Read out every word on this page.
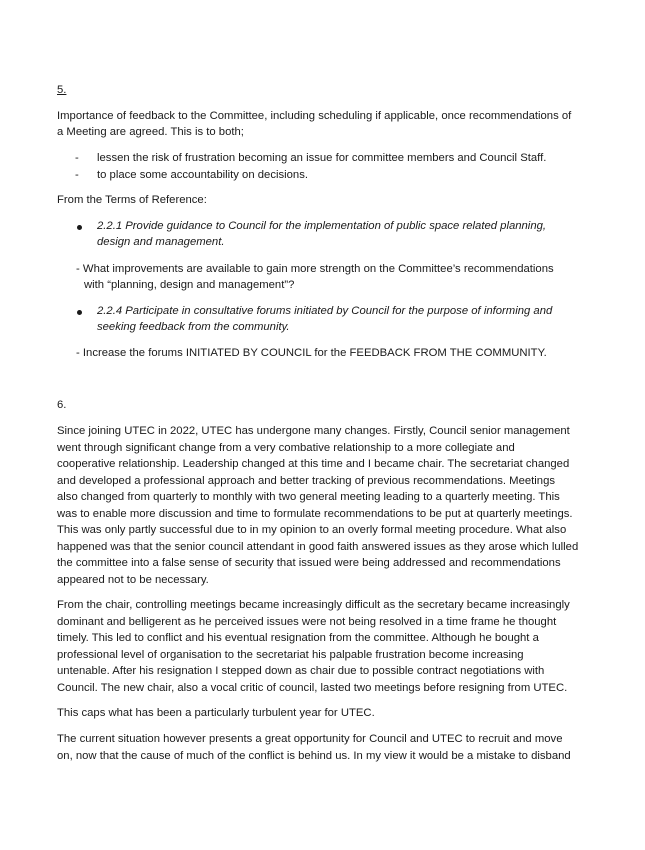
5.
Importance of feedback to the Committee, including scheduling if applicable, once recommendations of
a Meeting are agreed. This is to both;
- lessen the risk of frustration becoming an issue for committee members and Council Staff.
- to place some accountability on decisions.
From the Terms of Reference:
2.2.1 Provide guidance to Council for the implementation of public space related planning,
design and management.
- What improvements are available to gain more strength on the Committee’s recommendations
with “planning, design and management”?
2.2.4 Participate in consultative forums initiated by Council for the purpose of informing and
seeking feedback from the community.
- Increase the forums INITIATED BY COUNCIL for the FEEDBACK FROM THE COMMUNITY.
6.
Since joining UTEC in 2022, UTEC has undergone many changes. Firstly, Council senior management
went through significant change from a very combative relationship to a more collegiate and
cooperative relationship. Leadership changed at this time and I became chair. The secretariat changed
and developed a professional approach and better tracking of previous recommendations. Meetings
also changed from quarterly to monthly with two general meeting leading to a quarterly meeting. This
was to enable more discussion and time to formulate recommendations to be put at quarterly meetings.
This was only partly successful due to in my opinion to an overly formal meeting procedure. What also
happened was that the senior council attendant in good faith answered issues as they arose which lulled
the committee into a false sense of security that issued were being addressed and recommendations
appeared not to be necessary.
From the chair, controlling meetings became increasingly difficult as the secretary became increasingly
dominant and belligerent as he perceived issues were not being resolved in a time frame he thought
timely. This led to conflict and his eventual resignation from the committee. Although he bought a
professional level of organisation to the secretariat his palpable frustration become increasing
untenable. After his resignation I stepped down as chair due to possible contract negotiations with
Council. The new chair, also a vocal critic of council, lasted two meetings before resigning from UTEC.
This caps what has been a particularly turbulent year for UTEC.
The current situation however presents a great opportunity for Council and UTEC to recruit and move
on, now that the cause of much of the conflict is behind us. In my view it would be a mistake to disband
